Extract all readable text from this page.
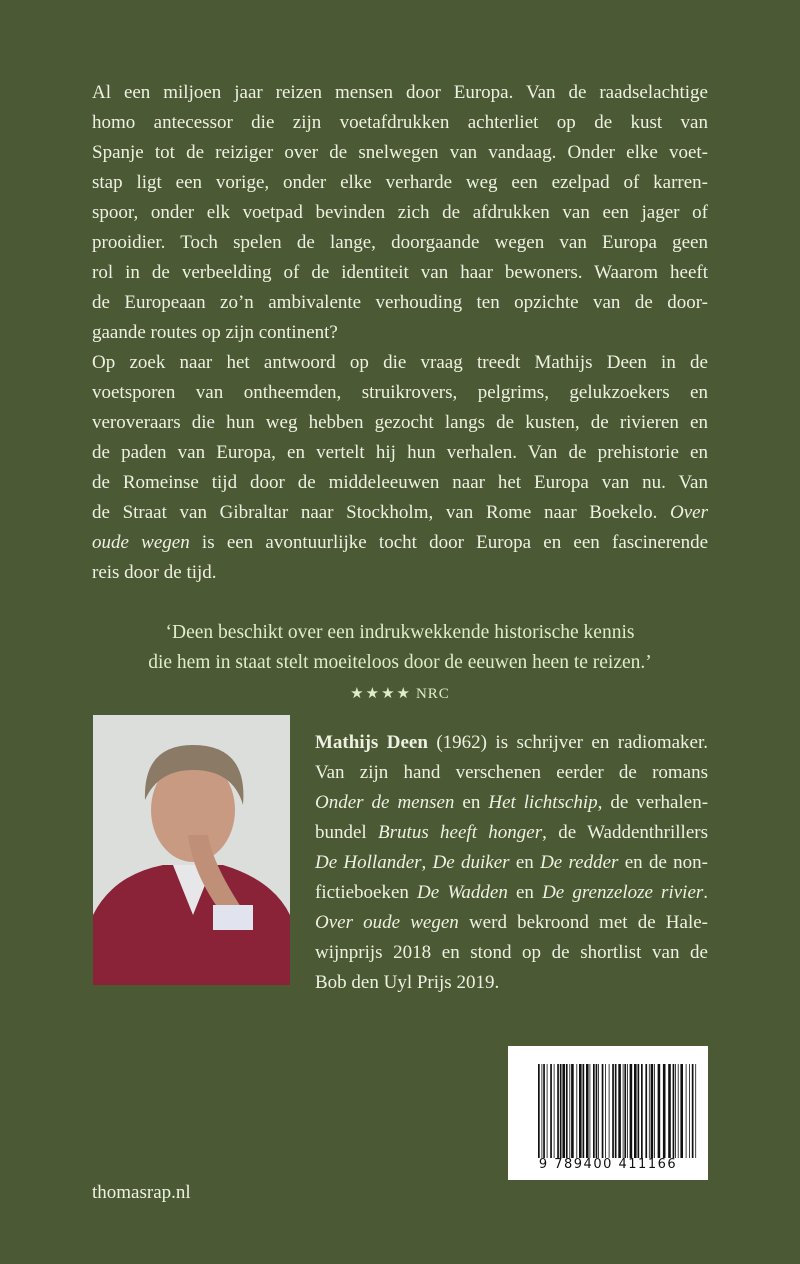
Al een miljoen jaar reizen mensen door Europa. Van de raadselachtige
homo antecessor die zijn voetafdrukken achterliet op de kust van
Spanje tot de reiziger over de snelwegen van vandaag. Onder elke voet-
stap ligt een vorige, onder elke verharde weg een ezelpad of karren-
spoor, onder elk voetpad bevinden zich de afdrukken van een jager of
prooidier. Toch spelen de lange, doorgaande wegen van Europa geen
rol in de verbeelding of de identiteit van haar bewoners. Waarom heeft
de Europeaan zo’n ambivalente verhouding ten opzichte van de door-
gaande routes op zijn continent?
Op zoek naar het antwoord op die vraag treedt Mathijs Deen in de
voetsporen van ontheemden, struikrovers, pelgrims, gelukzoekers en
veroveraars die hun weg hebben gezocht langs de kusten, de rivieren en
de paden van Europa, en vertelt hij hun verhalen. Van de prehistorie en
de Romeinse tijd door de middeleeuwen naar het Europa van nu. Van
de Straat van Gibraltar naar Stockholm, van Rome naar Boekelo. Over
oude wegen is een avontuurlijke tocht door Europa en een fascinerende
reis door de tijd.
‘Deen beschikt over een indrukwekkende historische kennis
die hem in staat stelt moeiteloos door de eeuwen heen te reizen.’
★★★★ NRC
Mathijs Deen (1962) is schrijver en radiomaker.
Van zijn hand verschenen eerder de romans
Onder de mensen en Het lichtschip, de verhalen-
bundel Brutus heeft honger, de Waddenthrillers
De Hollander, De duiker en De redder en de non-
fictieboeken De Wadden en De grenzeloze rivier.
Over oude wegen werd bekroond met de Hale-
wijnprijs 2018 en stond op de shortlist van de
Bob den Uyl Prijs 2019.
9 789400 411166
thomasrap.nl
